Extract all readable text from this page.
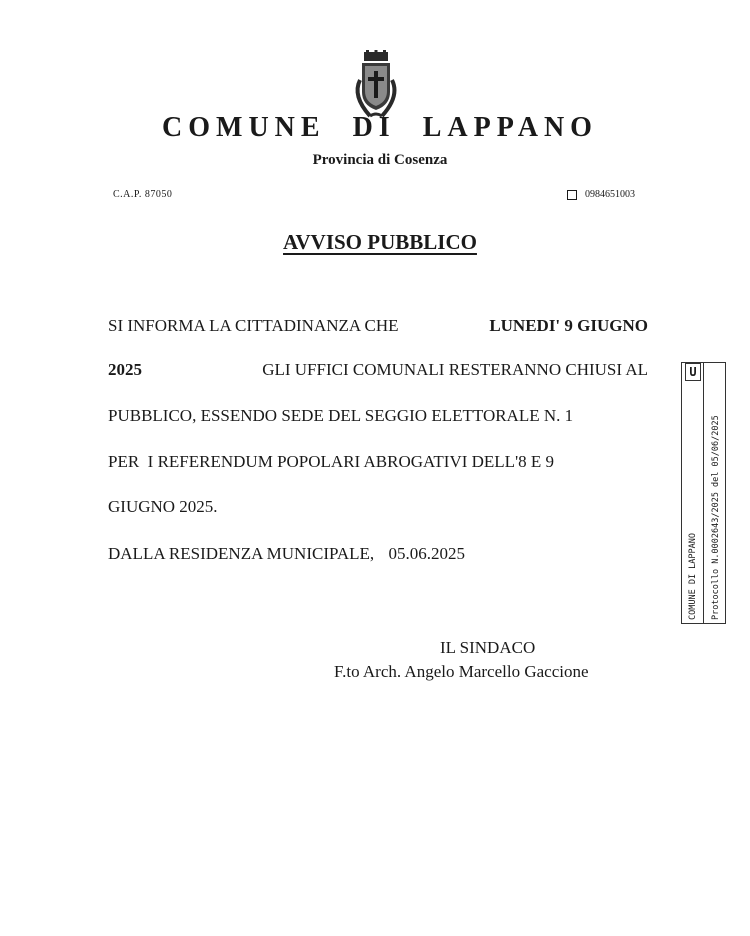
COMUNE DI LAPPANO
Provincia di Cosenza
C.A.P. 87050	0984651003
AVVISO PUBBLICO
SI INFORMA LA CITTADINANZA CHE	LUNEDI' 9 GIUGNO
2025	GLI UFFICI COMUNALI RESTERANNO CHIUSI AL
PUBBLICO, ESSENDO SEDE DEL SEGGIO ELETTORALE N. 1
PER  I REFERENDUM POPOLARI ABROGATIVI DELL'8 E 9
GIUGNO 2025.
DALLA RESIDENZA MUNICIPALE, 05.06.2025
IL SINDACO
F.to Arch. Angelo Marcello Gaccione
U
COMUNE DI LAPPANO Protocollo N.0002643/2025 del 05/06/2025
